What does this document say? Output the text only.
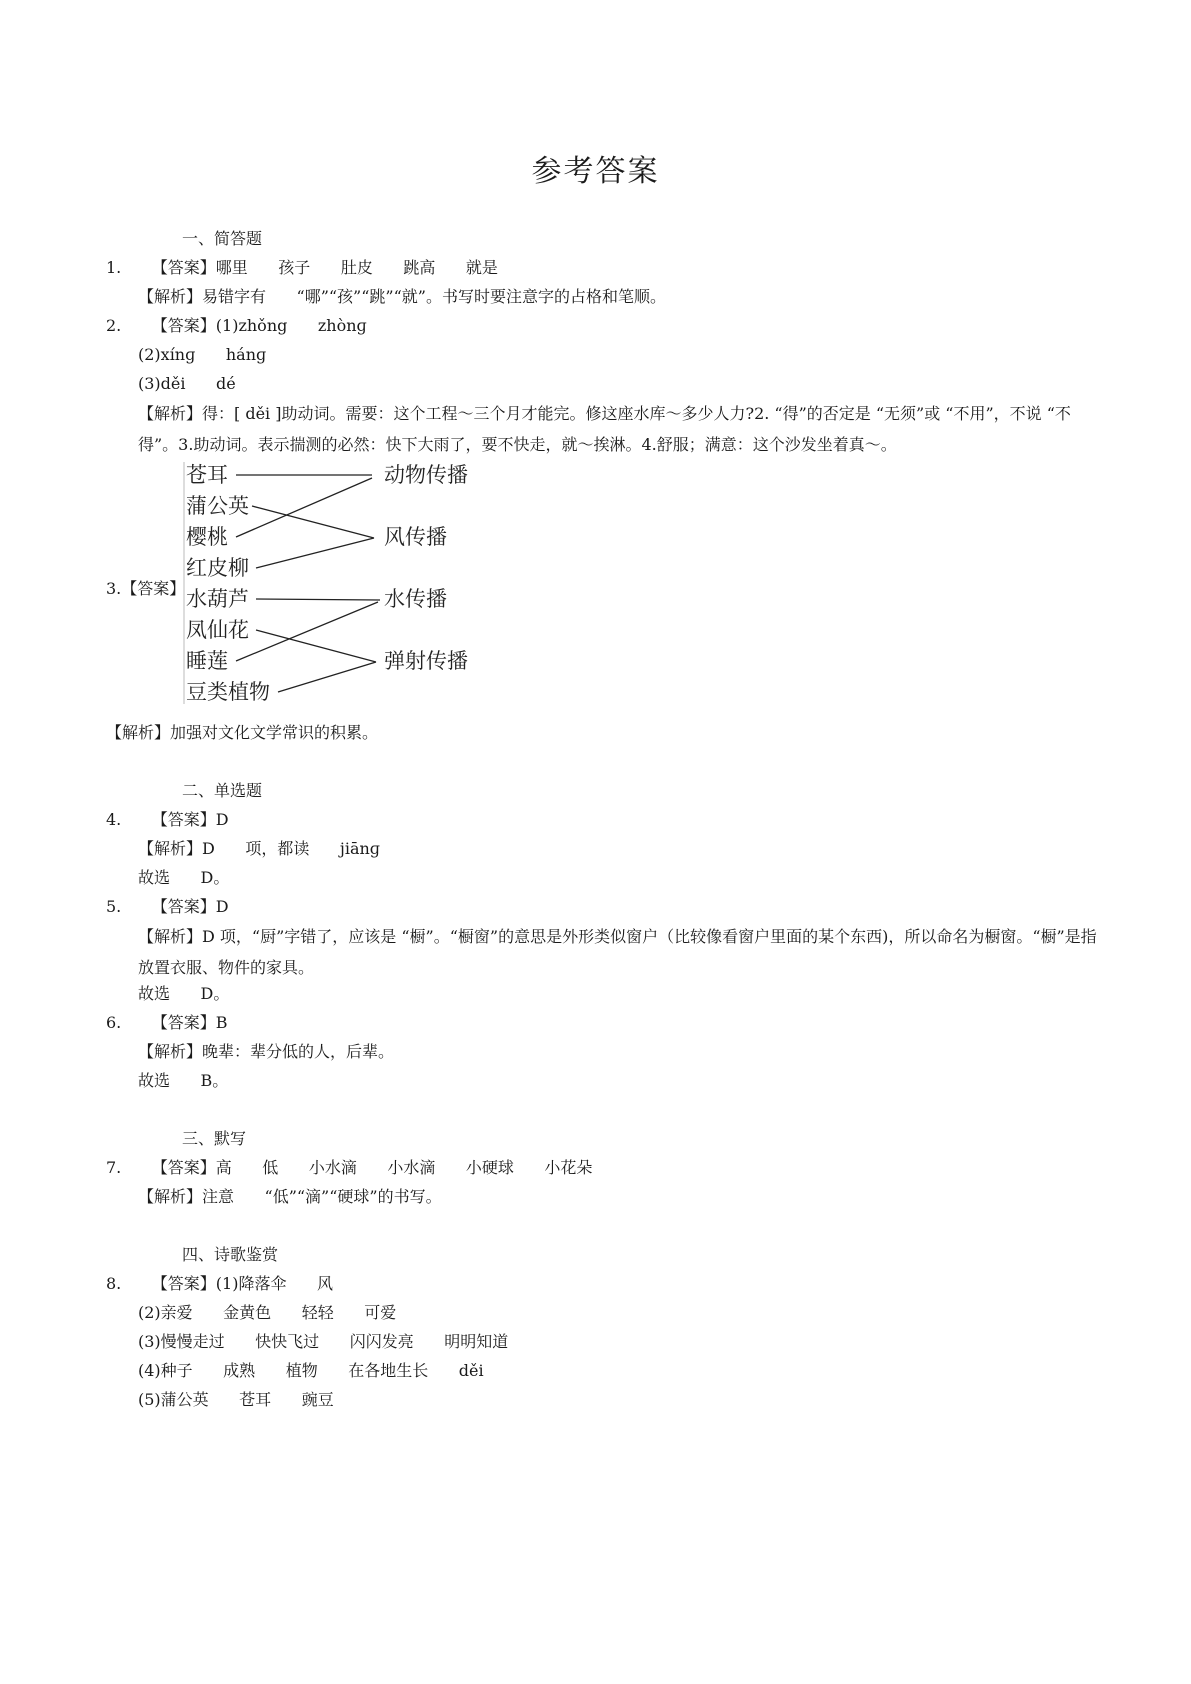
参考答案
一、简答题
1.      【答案】哪里      孩子      肚皮      跳高      就是
【解析】易错字有      “哪”“孩”“跳”“就”。书写时要注意字的占格和笔顺。
2.      【答案】(1)zhǒng      zhònɡ
(2)xínɡ      hánɡ
(3)děi      dé
【解析】得：[ děi ]助动词。需要：这个工程～三个月才能完。修这座水库～多少人力?2. “得”的否定是 “无须”或 “不用”，不说 “不得”。3.助动词。表示揣测的必然：快下大雨了，要不快走，就～挨淋。4.舒服；满意：这个沙发坐着真～。
3.【答案】
苍耳
蒲公英
樱桃
红皮柳
水葫芦
凤仙花
睡莲
豆类植物
动物传播
风传播
水传播
弹射传播
【解析】加强对文化文学常识的积累。
二、单选题
4.      【答案】D
【解析】D      项，都读      jiānɡ
故选      D。
5.      【答案】D
【解析】D 项，“厨”字错了，应该是 “橱”。“橱窗”的意思是外形类似窗户（比较像看窗户里面的某个东西)，所以命名为橱窗。“橱”是指放置衣服、物件的家具。
故选      D。
6.      【答案】B
【解析】晚辈：辈分低的人，后辈。
故选      B。
三、默写
7.      【答案】高      低      小水滴      小水滴      小硬球      小花朵
【解析】注意      “低”“滴”“硬球”的书写。
四、诗歌鉴赏
8.      【答案】(1)降落伞      风
(2)亲爱      金黄色      轻轻      可爱
(3)慢慢走过      快快飞过      闪闪发亮      明明知道
(4)种子      成熟      植物      在各地生长      děi
(5)蒲公英      苍耳      豌豆
